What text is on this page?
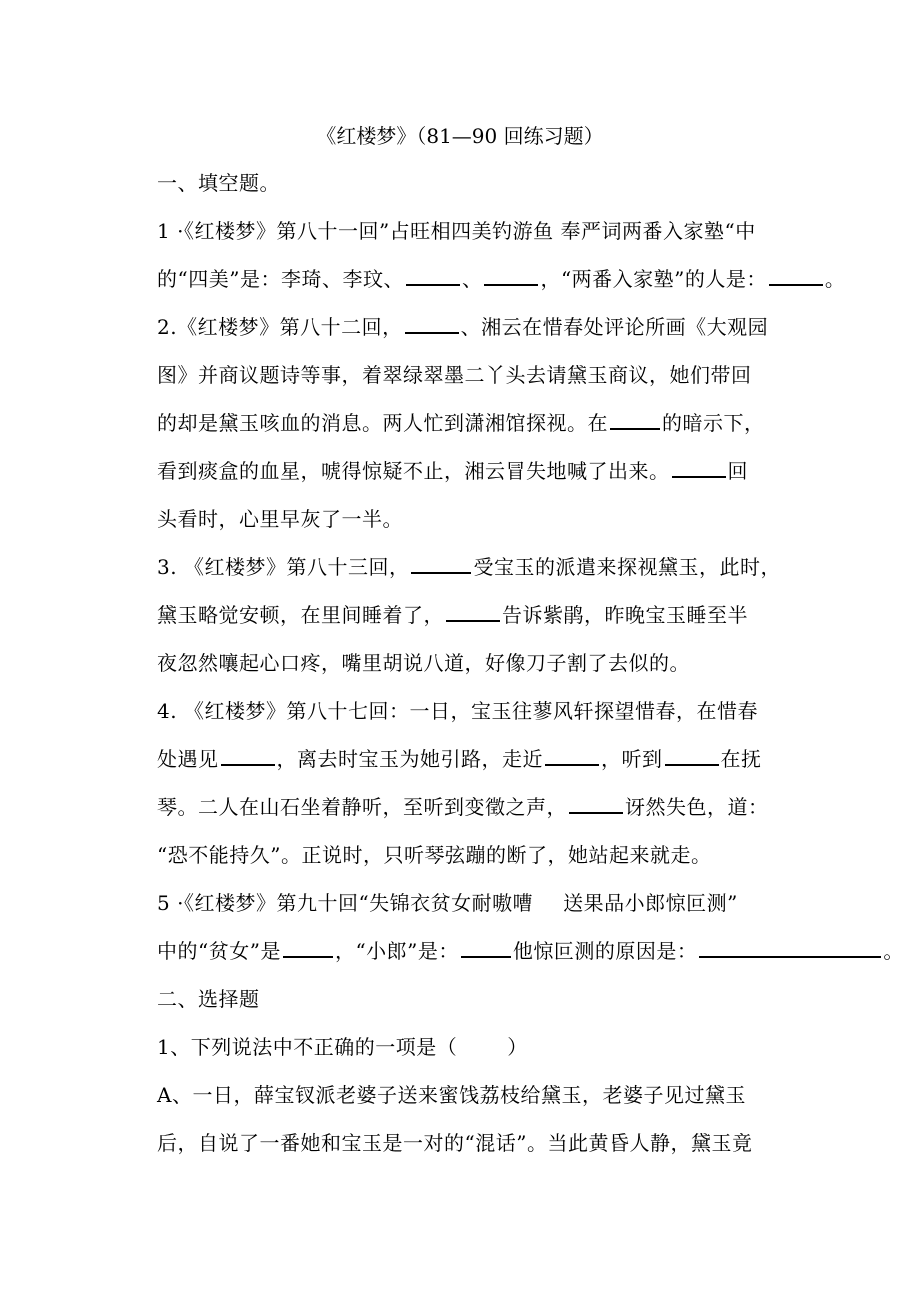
《红楼梦》（81—90 回练习题）
一、填空题。
1 ·《红楼梦》第八十一回”占旺相四美钓游鱼 奉严词两番入家塾“中
的“四美”是：李琦、李玟、	、	，“两番入家塾”的人是：	。
2.《红楼梦》第八十二回，	、湘云在惜春处评论所画《大观园
图》并商议题诗等事，着翠绿翠墨二丫头去请黛玉商议，她们带回
的却是黛玉咳血的消息。两人忙到潇湘馆探视。在	的暗示下，
看到痰盒的血星，唬得惊疑不止，湘云冒失地喊了出来。	回
头看时，心里早灰了一半。
3. 《红楼梦》第八十三回，	受宝玉的派遣来探视黛玉，此时，
黛玉略觉安顿，在里间睡着了，	告诉紫鹃，昨晚宝玉睡至半
夜忽然嚷起心口疼，嘴里胡说八道，好像刀子割了去似的。
4. 《红楼梦》第八十七回：一日，宝玉往蓼风轩探望惜春，在惜春
处遇见	，离去时宝玉为她引路，走近	，听到	在抚
琴。二人在山石坐着静听，至听到变徵之声，	讶然失色，道：
“恐不能持久”。正说时，只听琴弦蹦的断了，她站起来就走。
5 ·《红楼梦》第九十回“失锦衣贫女耐嗷嘈 送果品小郎惊叵测”
中的“贫女”是	，“小郎”是：	他惊叵测的原因是：	。
二、选择题
1、下列说法中不正确的一项是（	）
A、一日，薛宝钗派老婆子送来蜜饯荔枝给黛玉，老婆子见过黛玉
后，自说了一番她和宝玉是一对的“混话”。当此黄昏人静，黛玉竟
